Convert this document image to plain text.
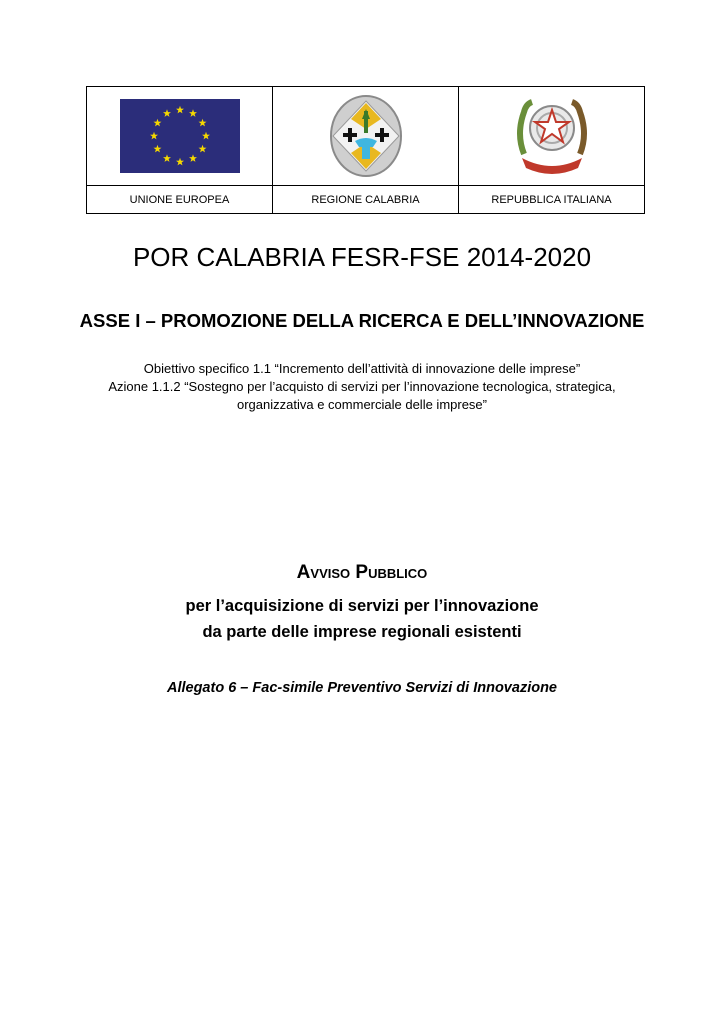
UNIONE EUROPEA	REGIONE CALABRIA	REPUBBLICA ITALIANA
POR CALABRIA FESR-FSE 2014-2020
ASSE I – PROMOZIONE DELLA RICERCA E DELL’INNOVAZIONE

Obiettivo specifico 1.1 “Incremento dell’attività di innovazione delle imprese”

Azione 1.1.2 “Sostegno per l’acquisto di servizi per l’innovazione tecnologica, strategica,

organizzativa e commerciale delle imprese”

Avviso Pubblico

per l’acquisizione di servizi per l’innovazione

da parte delle imprese regionali esistenti

Allegato 6 – Fac-simile Preventivo Servizi di Innovazione
